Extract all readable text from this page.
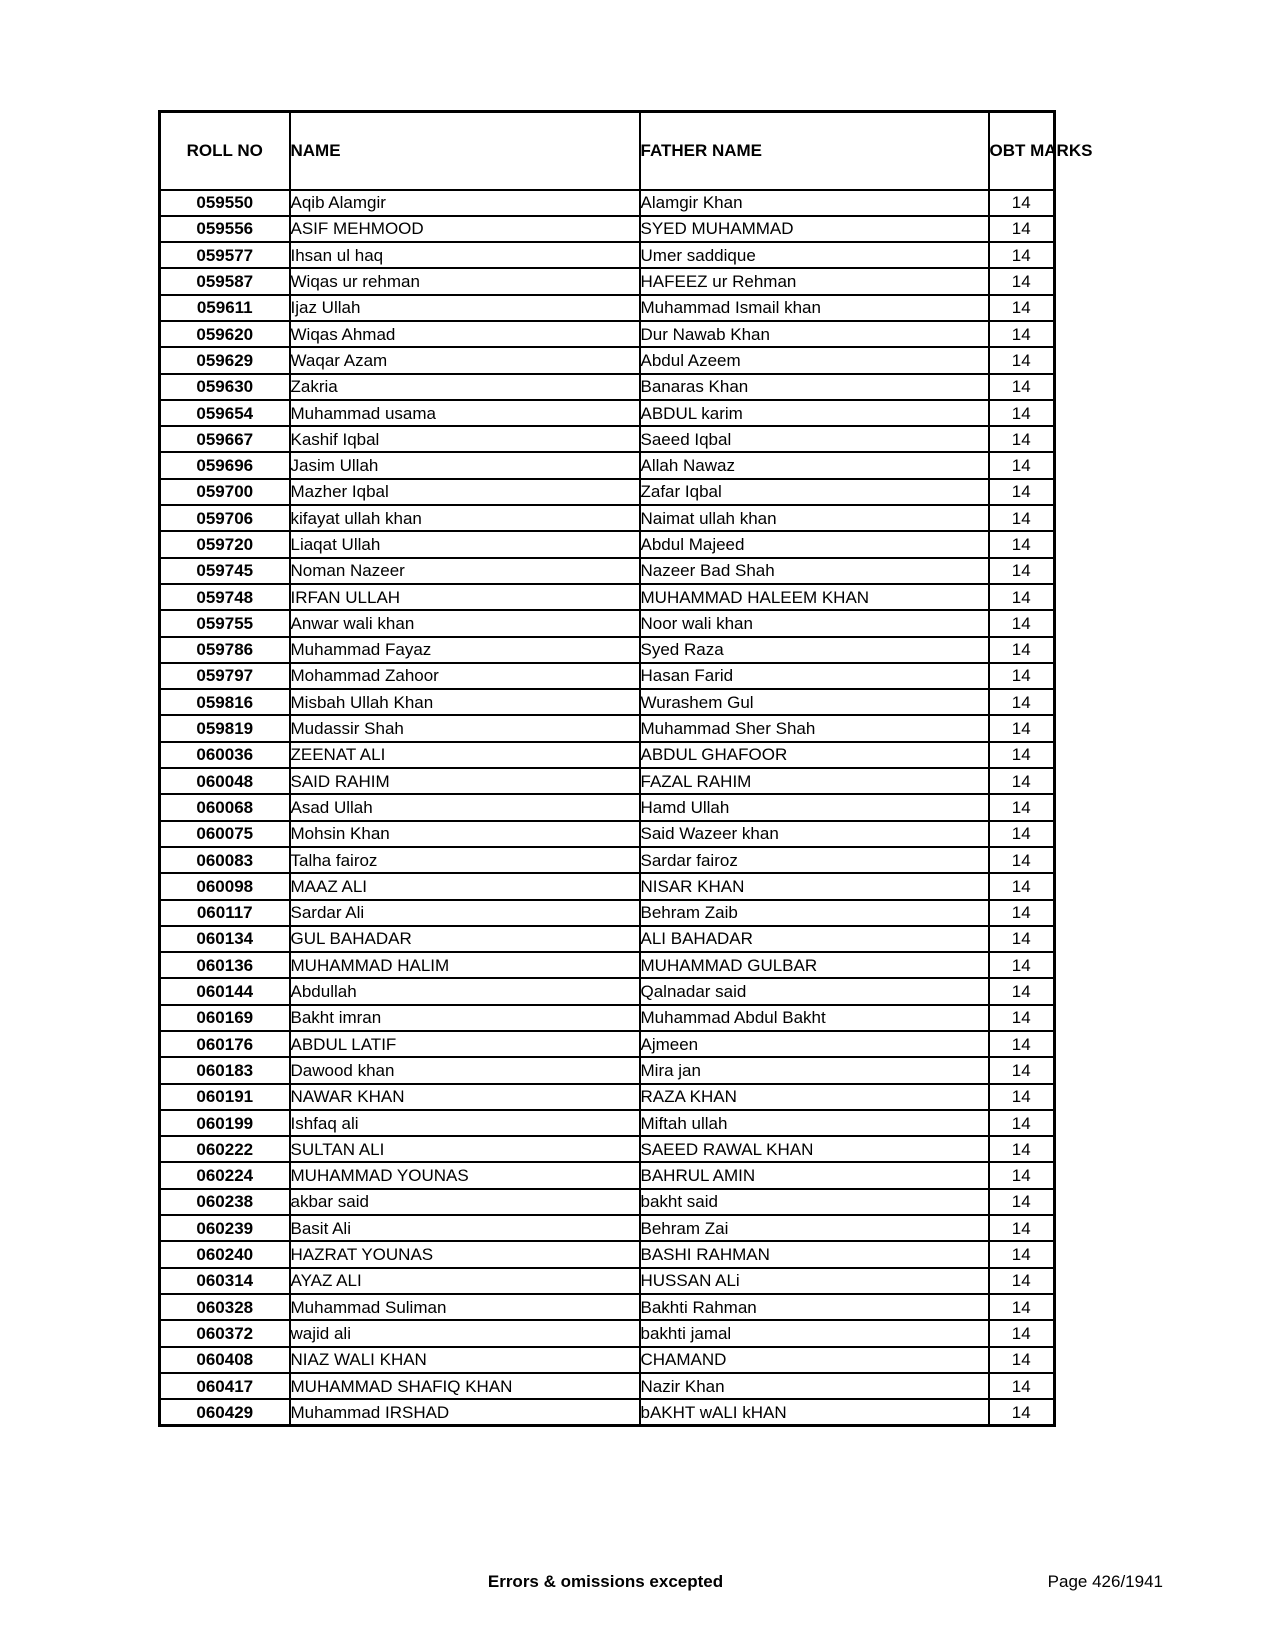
ROLL NO	NAME	FATHER NAME	OBT MARKS
059550	Aqib Alamgir	Alamgir Khan	14
059556	ASIF MEHMOOD	SYED MUHAMMAD	14
059577	Ihsan ul haq	Umer saddique	14
059587	Wiqas ur rehman	HAFEEZ ur Rehman	14
059611	Ijaz Ullah	Muhammad Ismail khan	14
059620	Wiqas Ahmad	Dur Nawab Khan	14
059629	Waqar Azam	Abdul Azeem	14
059630	Zakria	Banaras Khan	14
059654	Muhammad usama	ABDUL karim	14
059667	Kashif Iqbal	Saeed Iqbal	14
059696	Jasim Ullah	Allah Nawaz	14
059700	Mazher Iqbal	Zafar Iqbal	14
059706	kifayat ullah khan	Naimat ullah khan	14
059720	Liaqat Ullah	Abdul Majeed	14
059745	Noman Nazeer	Nazeer Bad Shah	14
059748	IRFAN ULLAH	MUHAMMAD HALEEM KHAN	14
059755	Anwar wali khan	Noor wali khan	14
059786	Muhammad Fayaz	Syed Raza	14
059797	Mohammad Zahoor	Hasan Farid	14
059816	Misbah Ullah Khan	Wurashem Gul	14
059819	Mudassir Shah	Muhammad Sher Shah	14
060036	ZEENAT ALI	ABDUL GHAFOOR	14
060048	SAID RAHIM	FAZAL RAHIM	14
060068	Asad Ullah	Hamd Ullah	14
060075	Mohsin Khan	Said Wazeer khan	14
060083	Talha fairoz	Sardar fairoz	14
060098	MAAZ ALI	NISAR KHAN	14
060117	Sardar Ali	Behram Zaib	14
060134	GUL BAHADAR	ALI BAHADAR	14
060136	MUHAMMAD HALIM	MUHAMMAD GULBAR	14
060144	Abdullah	Qalnadar said	14
060169	Bakht imran	Muhammad Abdul Bakht	14
060176	ABDUL LATIF	Ajmeen	14
060183	Dawood khan	Mira jan	14
060191	NAWAR KHAN	RAZA KHAN	14
060199	Ishfaq ali	Miftah ullah	14
060222	SULTAN ALI	SAEED RAWAL KHAN	14
060224	MUHAMMAD YOUNAS	BAHRUL AMIN	14
060238	akbar said	bakht said	14
060239	Basit Ali	Behram Zai	14
060240	HAZRAT YOUNAS	BASHI RAHMAN	14
060314	AYAZ ALI	HUSSAN ALi	14
060328	Muhammad Suliman	Bakhti Rahman	14
060372	wajid ali	bakhti jamal	14
060408	NIAZ WALI KHAN	CHAMAND	14
060417	MUHAMMAD SHAFIQ KHAN	Nazir Khan	14
060429	Muhammad IRSHAD	bAKHT wALI kHAN	14
Errors & omissions excepted	Page 426/1941
